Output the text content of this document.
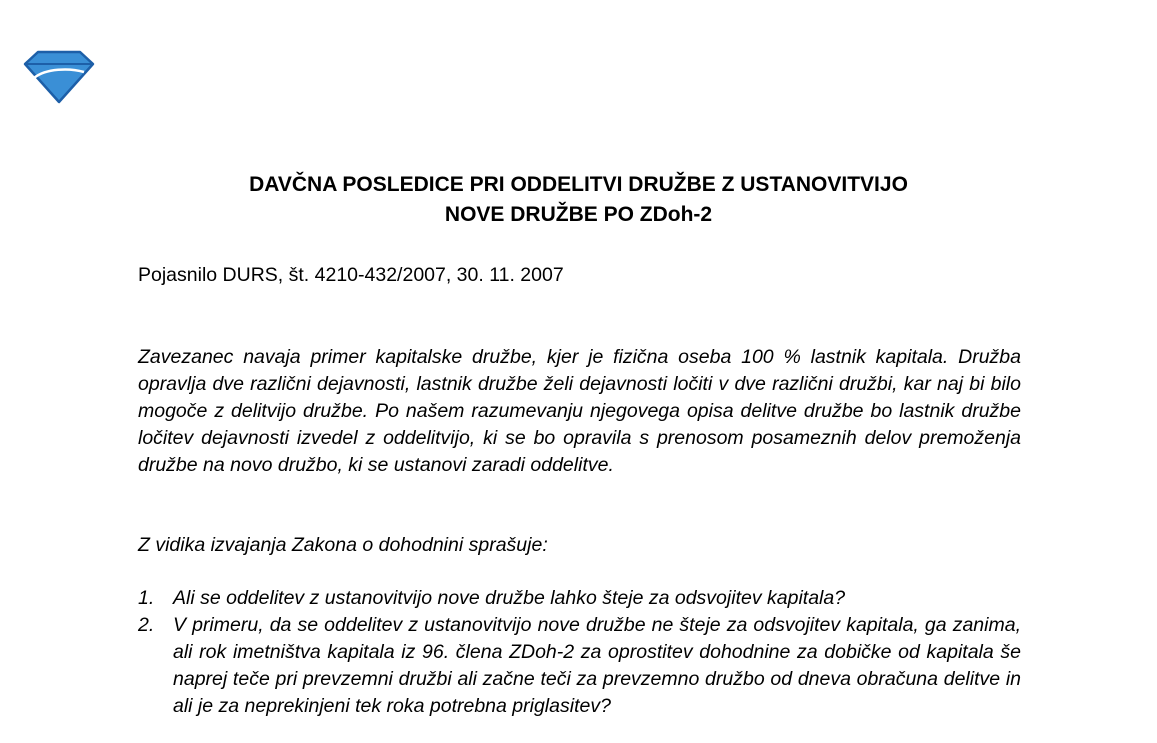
DAVČNA POSLEDICE PRI ODDELITVI DRUŽBE Z USTANOVITVIJO
NOVE DRUŽBE PO ZDoh-2

Pojasnilo DURS, št. 4210-432/2007, 30. 11. 2007

Zavezanec navaja primer kapitalske družbe, kjer je fizična oseba 100 % lastnik kapitala. Družba opravlja dve različni dejavnosti, lastnik družbe želi dejavnosti ločiti v dve različni družbi, kar naj bi bilo mogoče z delitvijo družbe. Po našem razumevanju njegovega opisa delitve družbe bo lastnik družbe ločitev dejavnosti izvedel z oddelitvijo, ki se bo opravila s prenosom posameznih delov premoženja družbe na novo družbo, ki se ustanovi zaradi oddelitve.

Z vidika izvajanja Zakona o dohodnini sprašuje:

1. Ali se oddelitev z ustanovitvijo nove družbe lahko šteje za odsvojitev kapitala?
2. V primeru, da se oddelitev z ustanovitvijo nove družbe ne šteje za odsvojitev kapitala, ga zanima, ali rok imetništva kapitala iz 96. člena ZDoh-2 za oprostitev dohodnine za dobičke od kapitala še naprej teče pri prevzemni družbi ali začne teči za prevzemno družbo od dneva obračuna delitve in ali je za neprekinjeni tek roka potrebna priglasitev?
